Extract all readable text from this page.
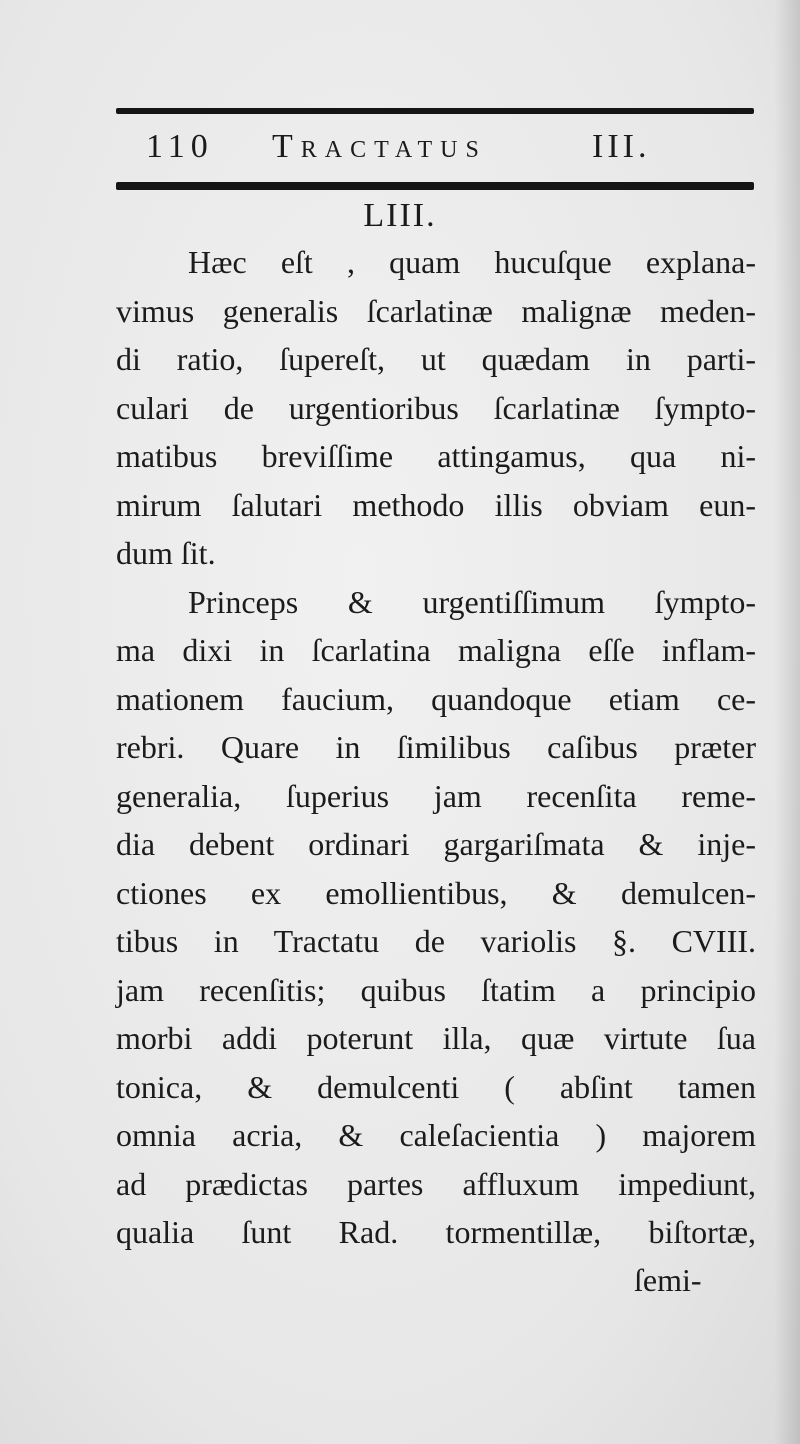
110 Tractatus	III.
LIII.
Hæc eſt , quam hucuſque explana-
vimus generalis ſcarlatinæ malignæ meden-
di ratio, ſupereſt, ut quædam in parti-
culari de urgentioribus ſcarlatinæ ſympto-
matibus breviſſime attingamus, qua ni-
mirum ſalutari methodo illis obviam eun-
dum ſit.
Princeps & urgentiſſimum ſympto-
ma dixi in ſcarlatina maligna eſſe inflam-
mationem faucium, quandoque etiam ce-
rebri. Quare in ſimilibus caſibus præter
generalia, ſuperius jam recenſita reme-
dia debent ordinari gargariſmata & inje-
ctiones ex emollientibus, & demulcen-
tibus in Tractatu de variolis §. CVIII.
jam recenſitis; quibus ſtatim a principio
morbi addi poterunt illa, quæ virtute ſua
tonica, & demulcenti ( abſint tamen
omnia acria, & caleſacientia ) majorem
ad prædictas partes affluxum impediunt,
qualia ſunt Rad. tormentillæ, biſtortæ,
ſemi-
